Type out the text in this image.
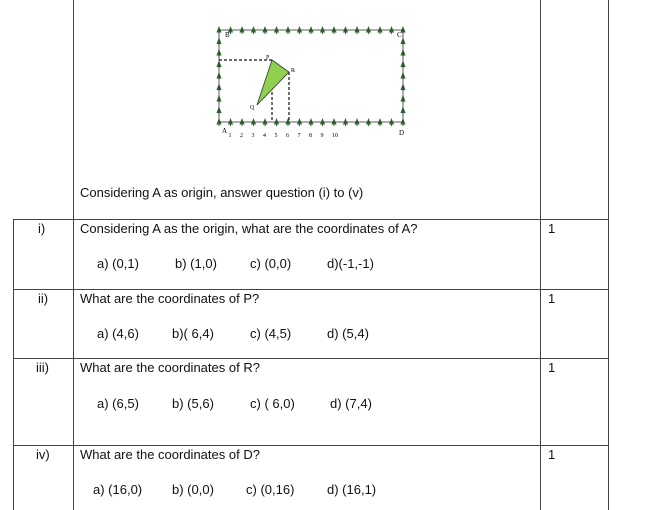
B	C
A	D
P
R
Q
1 2 3 4 5 6 7 8 9 10
Considering A as origin, answer question (i) to (v)
i)	Considering A as the origin, what are the coordinates of A?	1
a) (0,1)	b) (1,0)	c) (0,0)	d)(-1,-1)
ii) What are the coordinates of P?	1
a) (4,6)	b)( 6,4)	c) (4,5)	d) (5,4)
iii) What are the coordinates of R?	1
a) (6,5)	b) (5,6)	c) ( 6,0)	d) (7,4)
iv) What are the coordinates of D?	1
a) (16,0) b) (0,0) c) (0,16)	d) (16,1)
